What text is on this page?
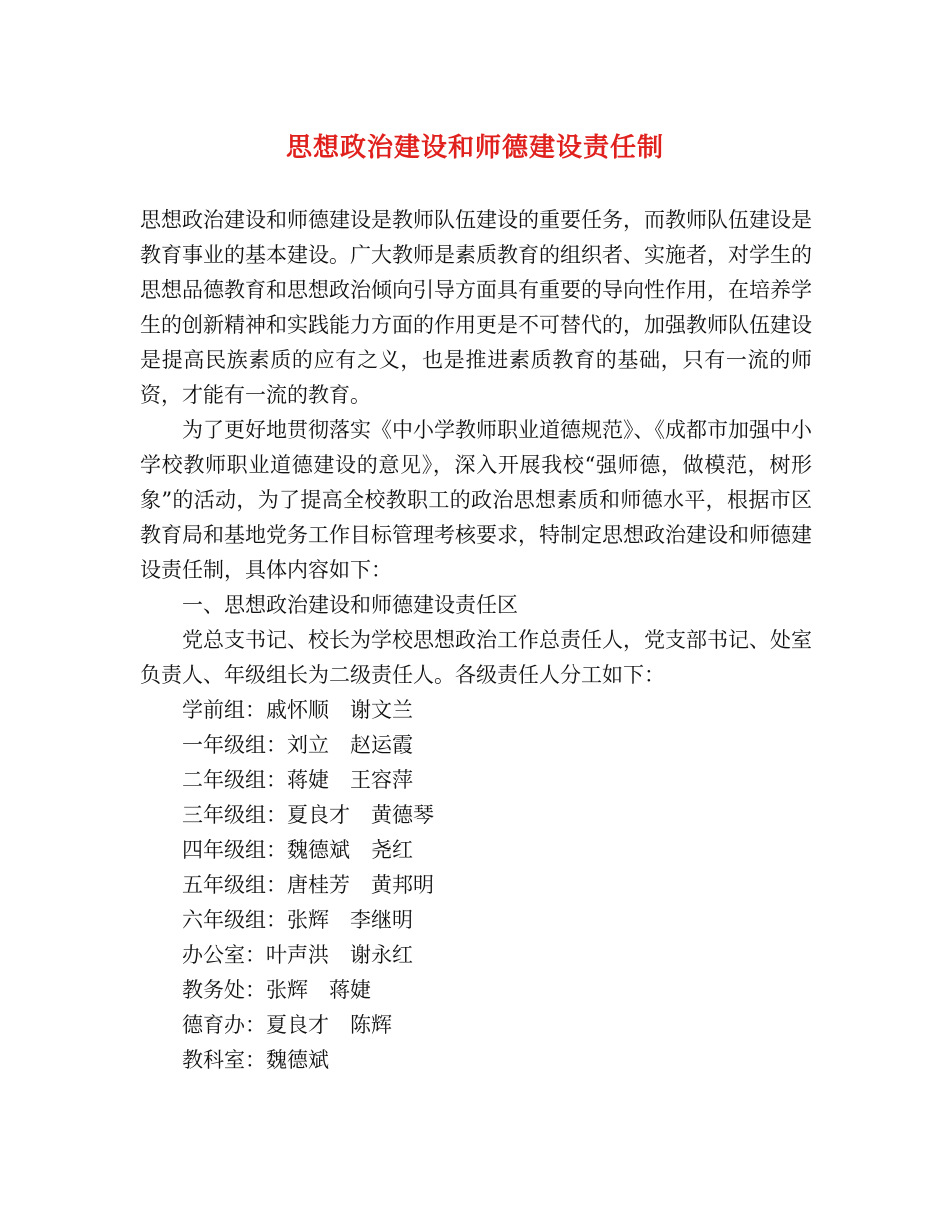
思想政治建设和师德建设责任制

思想政治建设和师德建设是教师队伍建设的重要任务，而教师队伍建设是教育事业的基本建设。广大教师是素质教育的组织者、实施者，对学生的思想品德教育和思想政治倾向引导方面具有重要的导向性作用，在培养学生的创新精神和实践能力方面的作用更是不可替代的，加强教师队伍建设是提高民族素质的应有之义，也是推进素质教育的基础，只有一流的师资，才能有一流的教育。

为了更好地贯彻落实《中小学教师职业道德规范》、《成都市加强中小学校教师职业道德建设的意见》，深入开展我校“强师德，做模范，树形象”的活动，为了提高全校教职工的政治思想素质和师德水平，根据市区教育局和基地党务工作目标管理考核要求，特制定思想政治建设和师德建设责任制，具体内容如下：

一、思想政治建设和师德建设责任区

党总支书记、校长为学校思想政治工作总责任人，党支部书记、处室负责人、年级组长为二级责任人。各级责任人分工如下：

学前组：戚怀顺　谢文兰
一年级组：刘立　赵运霞
二年级组：蒋婕　王容萍
三年级组：夏良才　黄德琴
四年级组：魏德斌　尧红
五年级组：唐桂芳　黄邦明
六年级组：张辉　李继明
办公室：叶声洪　谢永红
教务处：张辉　蒋婕
德育办：夏良才　陈辉
教科室：魏德斌
